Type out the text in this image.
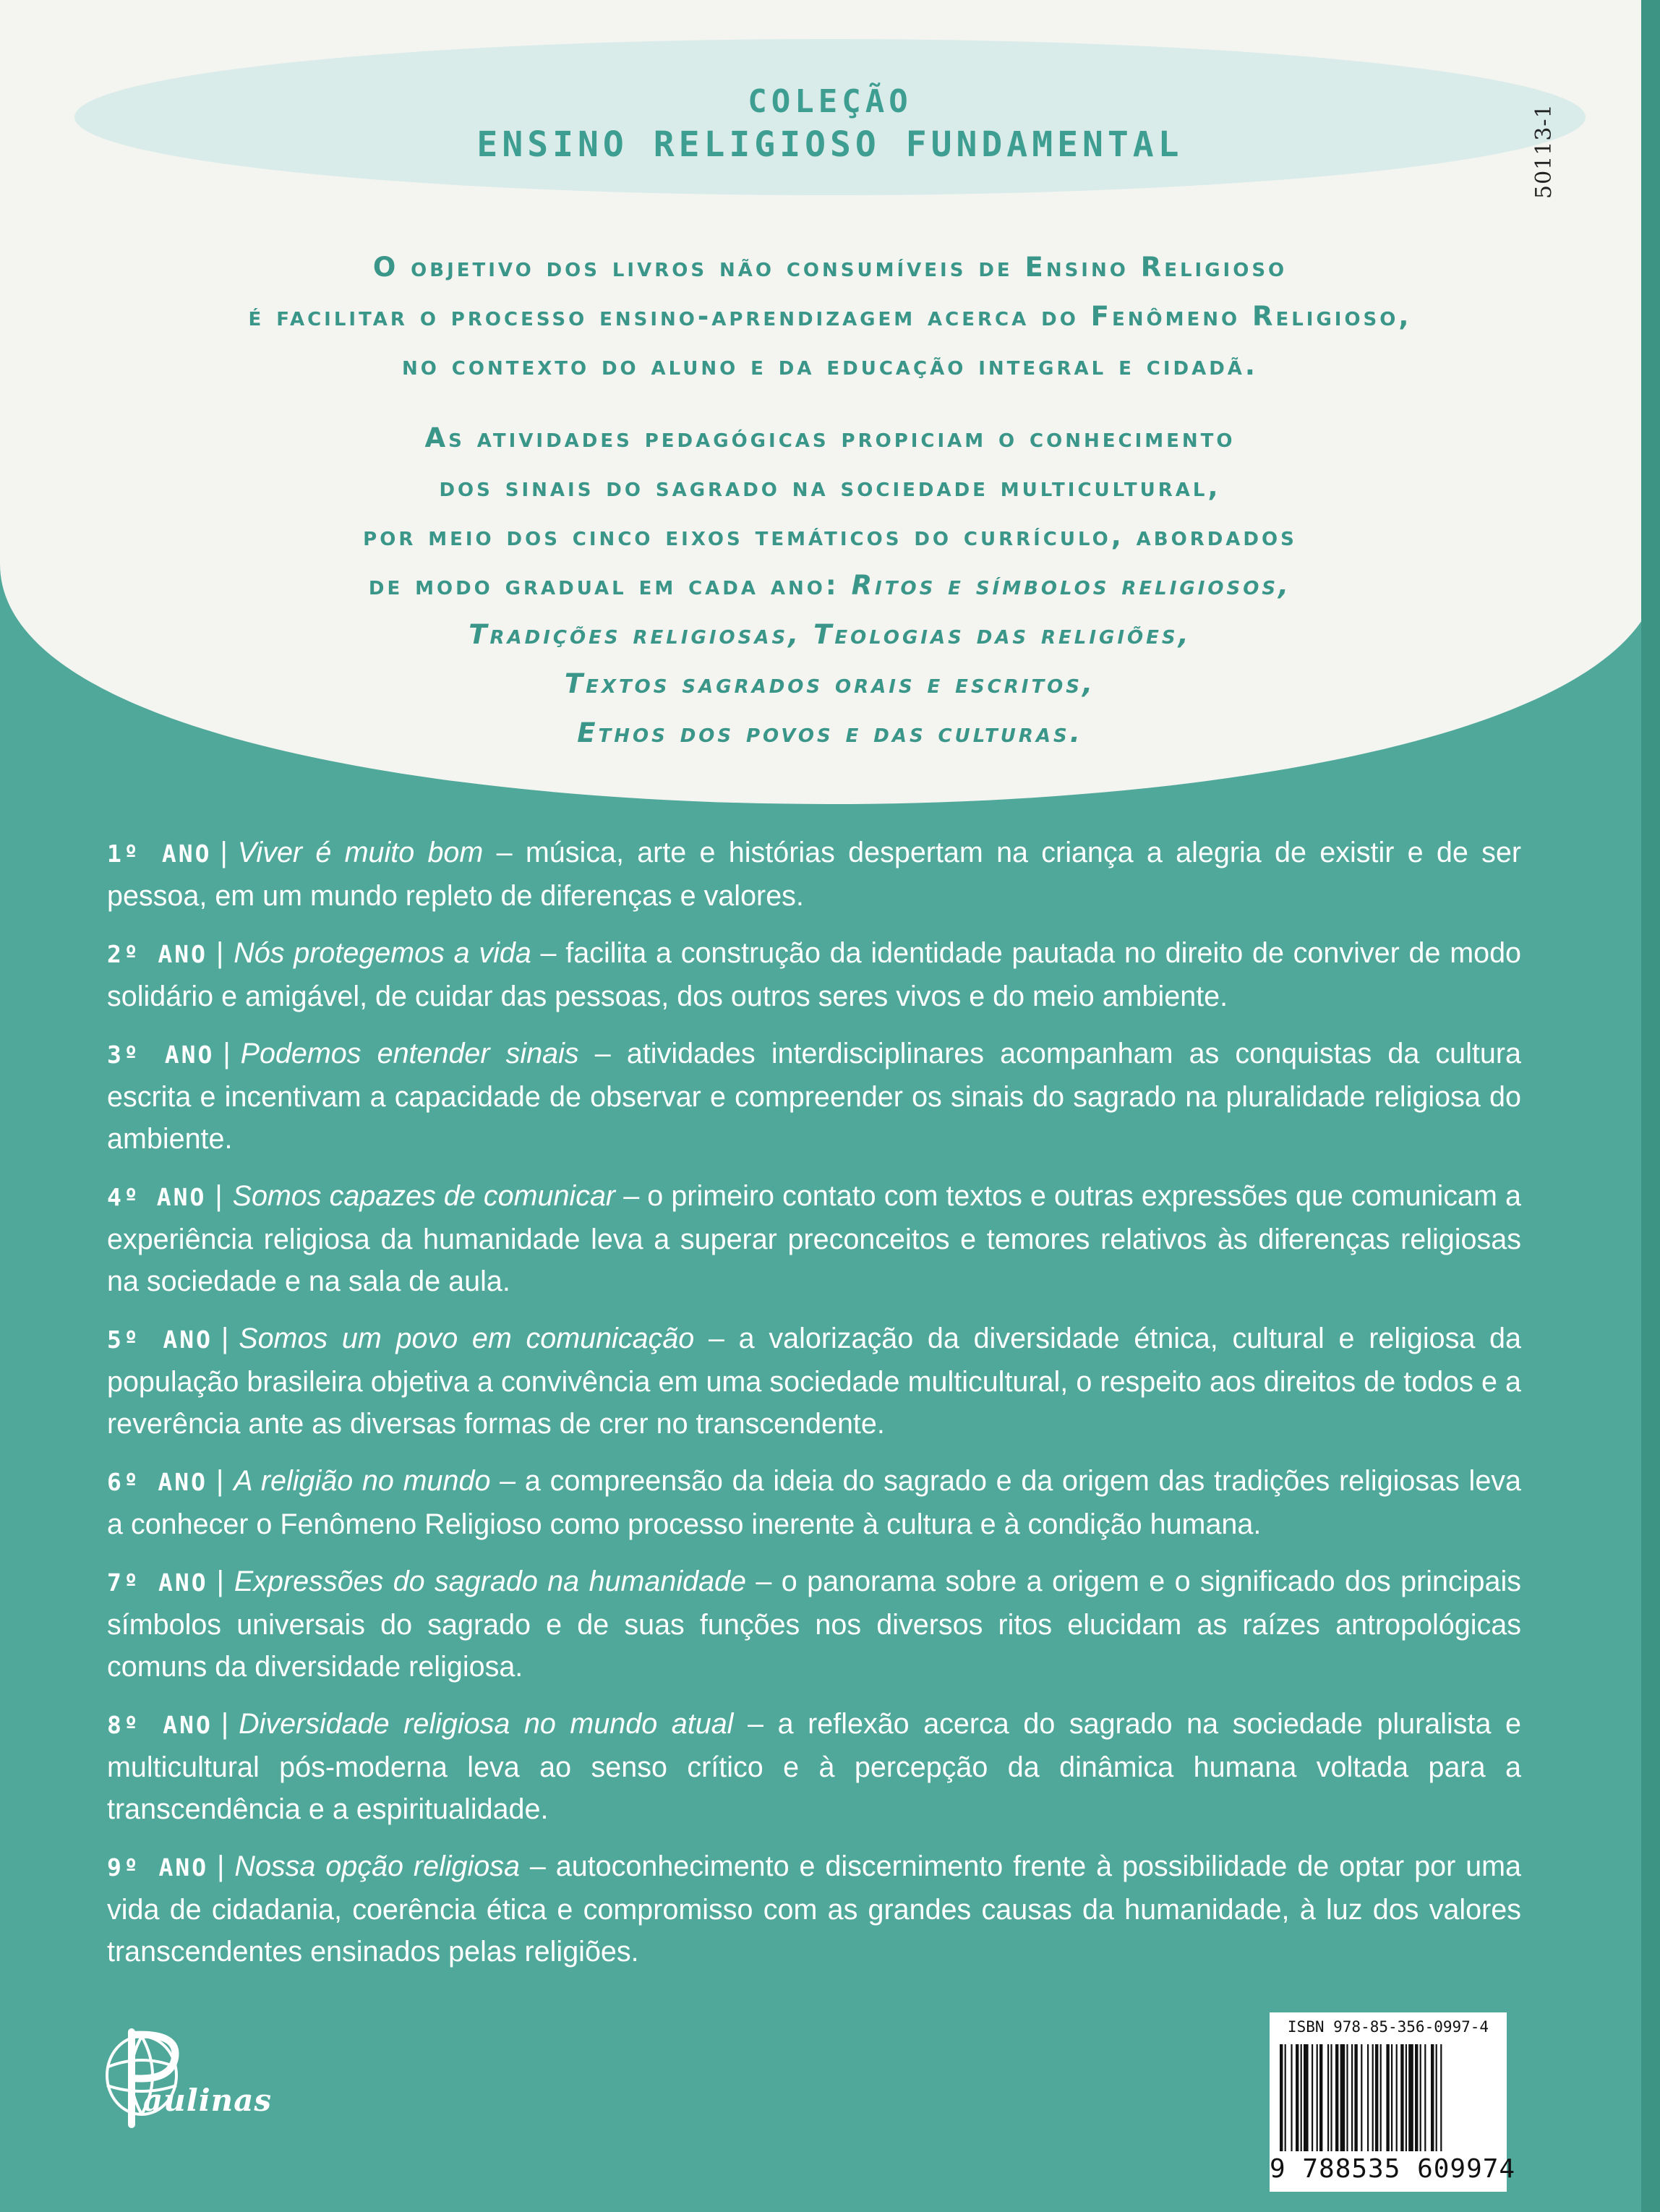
50113-1
COLEÇÃO
ENSINO RELIGIOSO FUNDAMENTAL
O objetivo dos livros não consumíveis de Ensino Religioso
é facilitar o processo ensino-aprendizagem acerca do Fenômeno Religioso,
no contexto do aluno e da educação integral e cidadã.
As atividades pedagógicas propiciam o conhecimento
dos sinais do sagrado na sociedade multicultural,
por meio dos cinco eixos temáticos do currículo, abordados
de modo gradual em cada ano: Ritos e símbolos religiosos,
Tradições religiosas, Teologias das religiões,
Textos sagrados orais e escritos,
Ethos dos povos e das culturas.

1º ANO | Viver é muito bom – música, arte e histórias despertam na criança a alegria de existir e de ser pessoa, em um mundo repleto de diferenças e valores.

2º ANO | Nós protegemos a vida – facilita a construção da identidade pautada no direito de conviver de modo solidário e amigável, de cuidar das pessoas, dos outros seres vivos e do meio ambiente.

3º ANO | Podemos entender sinais – atividades interdisciplinares acompanham as conquistas da cultura escrita e incentivam a capacidade de observar e compreender os sinais do sagrado na pluralidade religiosa do ambiente.

4º ANO | Somos capazes de comunicar – o primeiro contato com textos e outras expressões que comunicam a experiência religiosa da humanidade leva a superar preconceitos e temores relativos às diferenças religiosas na sociedade e na sala de aula.

5º ANO | Somos um povo em comunicação – a valorização da diversidade étnica, cultural e religiosa da população brasileira objetiva a convivência em uma sociedade multicultural, o respeito aos direitos de todos e a reverência ante as diversas formas de crer no transcendente.

6º ANO | A religião no mundo – a compreensão da ideia do sagrado e da origem das tradições religiosas leva a conhecer o Fenômeno Religioso como processo inerente à cultura e à condição humana.

7º ANO | Expressões do sagrado na humanidade – o panorama sobre a origem e o significado dos principais símbolos universais do sagrado e de suas funções nos diversos ritos elucidam as raízes antropológicas comuns da diversidade religiosa.

8º ANO | Diversidade religiosa no mundo atual – a reflexão acerca do sagrado na sociedade pluralista e multicultural pós-moderna leva ao senso crítico e à percepção da dinâmica humana voltada para a transcendência e a espiritualidade.

9º ANO | Nossa opção religiosa – autoconhecimento e discernimento frente à possibilidade de optar por uma vida de cidadania, coerência ética e compromisso com as grandes causas da humanidade, à luz dos valores transcendentes ensinados pelas religiões.

aulinas
ISBN 978-85-356-0997-4
9 788535 609974
